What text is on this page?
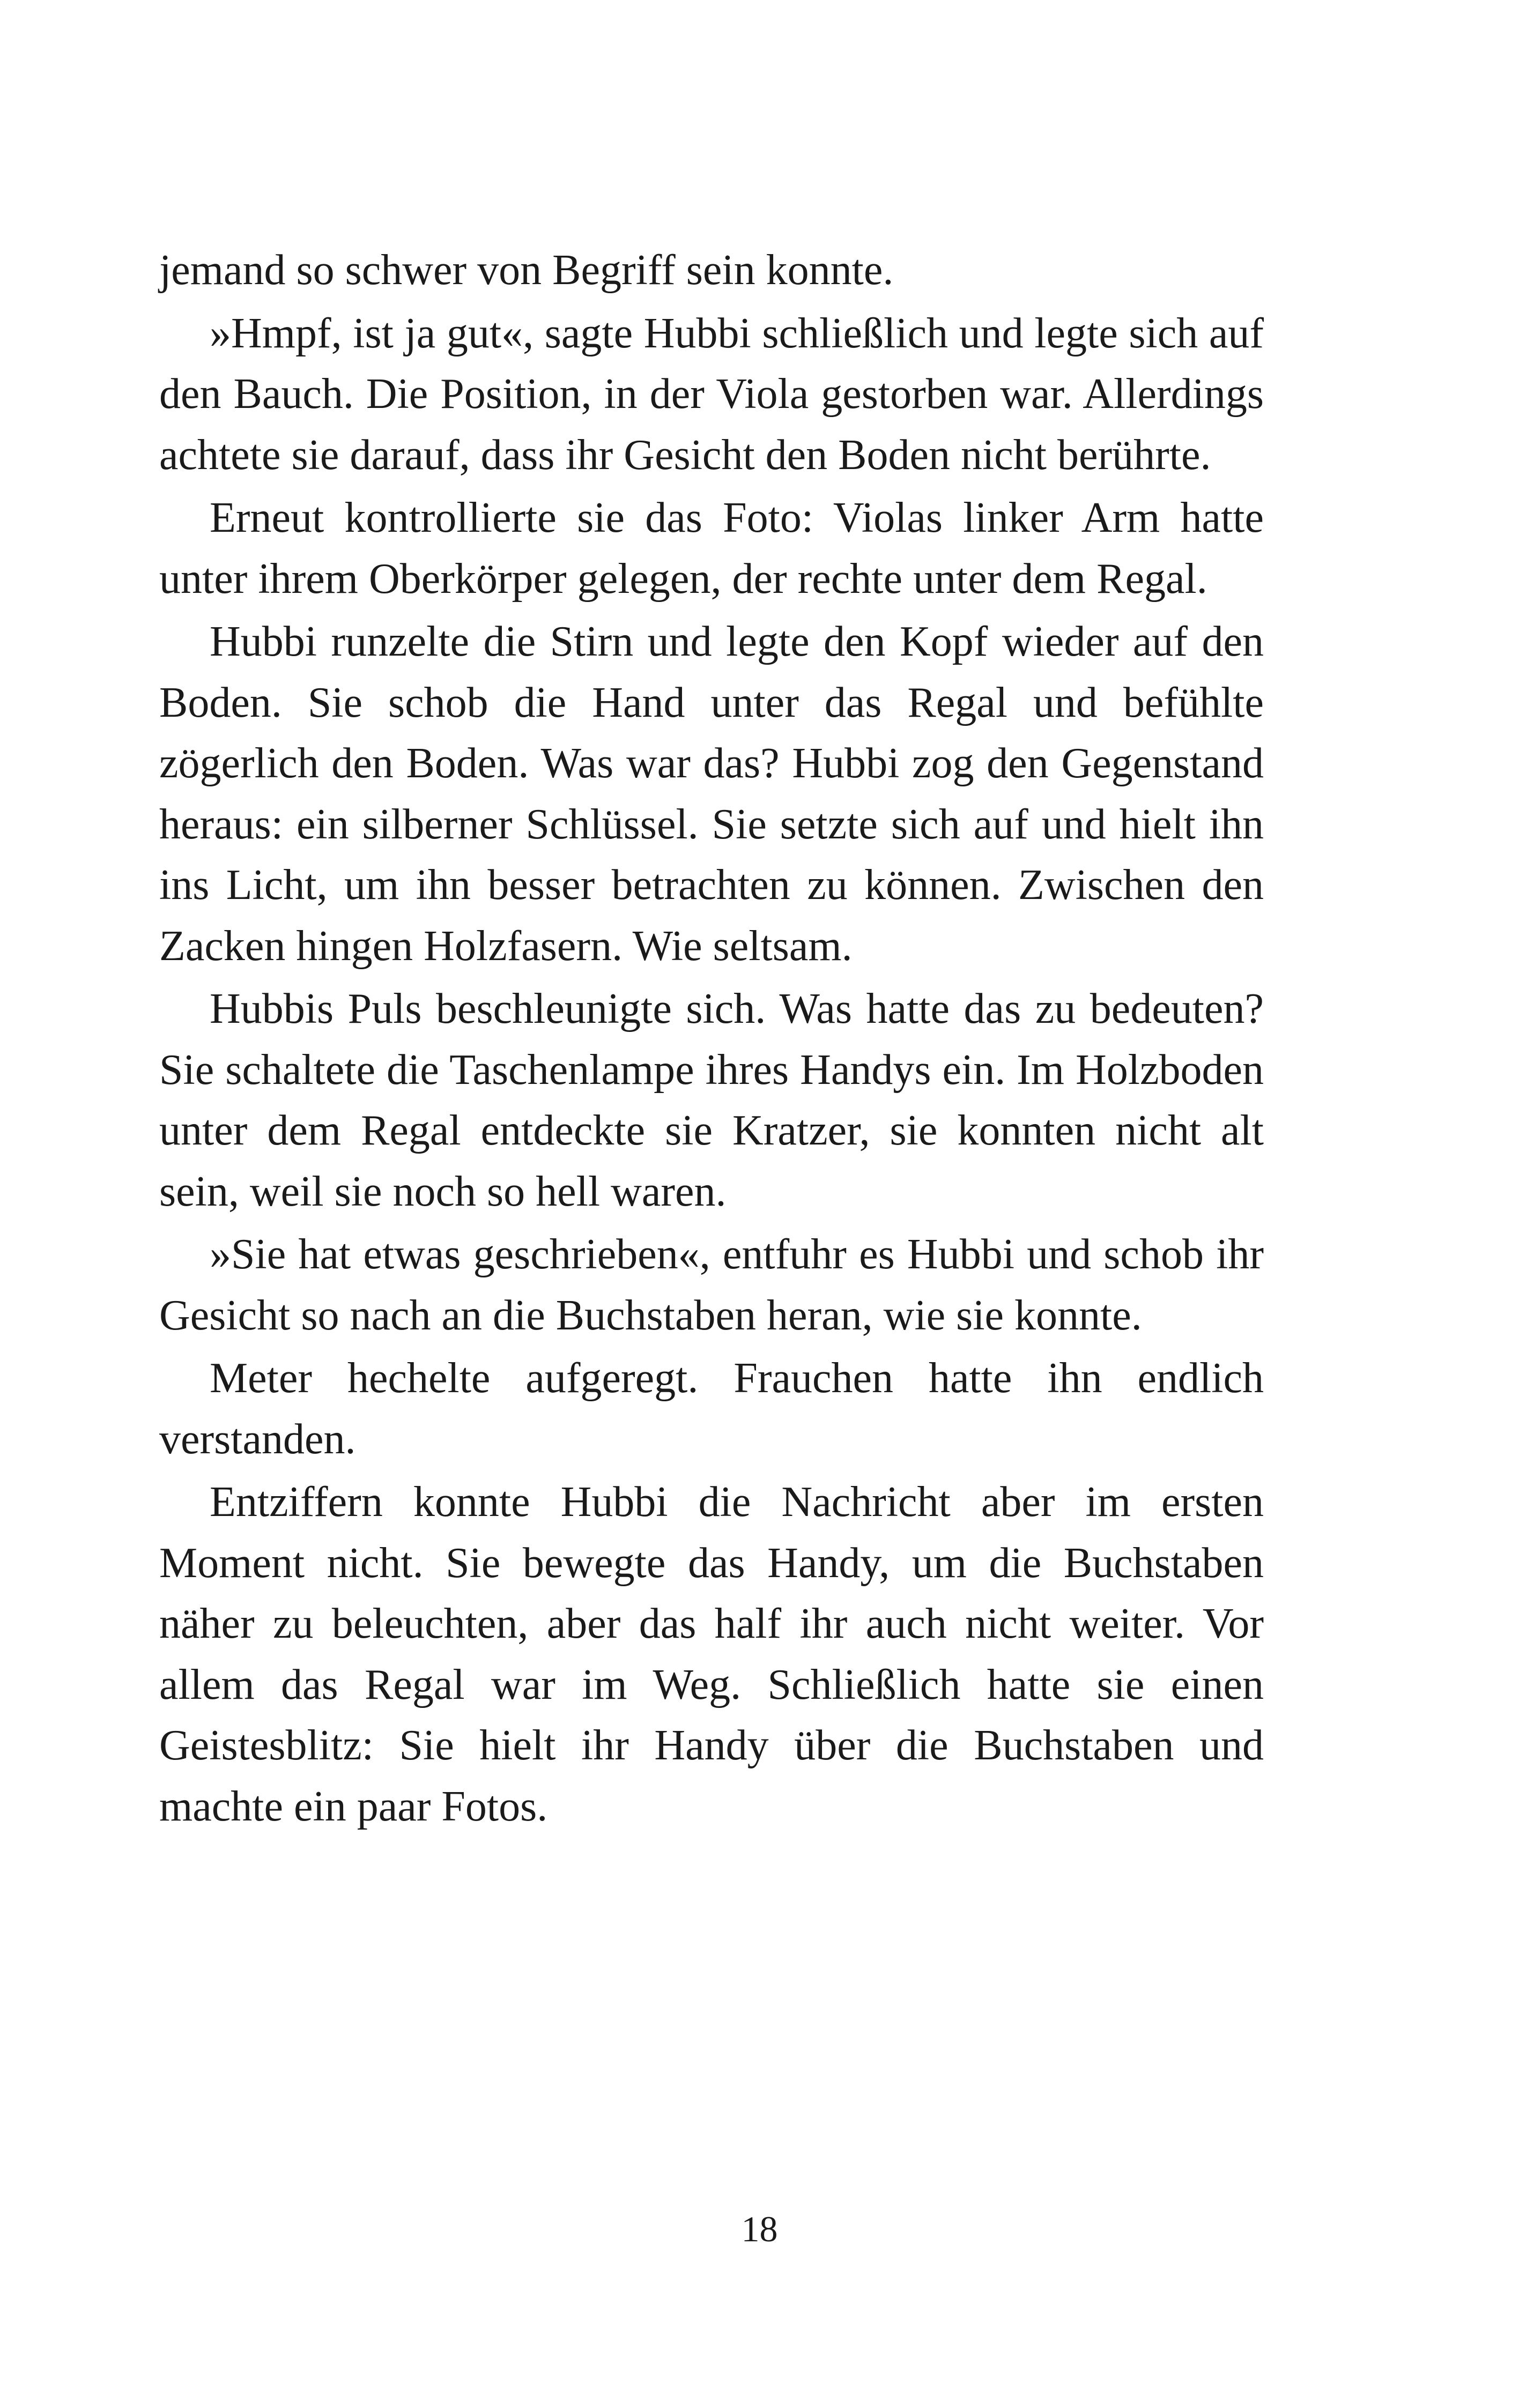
jemand so schwer von Begriff sein konnte.

»Hmpf, ist ja gut«, sagte Hubbi schließlich und legte sich auf den Bauch. Die Position, in der Viola gestorben war. Allerdings achtete sie darauf, dass ihr Gesicht den Boden nicht berührte.

Erneut kontrollierte sie das Foto: Violas linker Arm hatte unter ihrem Oberkörper gelegen, der rechte unter dem Regal.

Hubbi runzelte die Stirn und legte den Kopf wieder auf den Boden. Sie schob die Hand unter das Regal und befühlte zögerlich den Boden. Was war das? Hubbi zog den Gegenstand heraus: ein silberner Schlüssel. Sie setzte sich auf und hielt ihn ins Licht, um ihn besser betrachten zu können. Zwischen den Zacken hingen Holzfasern. Wie seltsam.

Hubbis Puls beschleunigte sich. Was hatte das zu bedeuten? Sie schaltete die Taschenlampe ihres Handys ein. Im Holzboden unter dem Regal entdeckte sie Kratzer, sie konnten nicht alt sein, weil sie noch so hell waren.

»Sie hat etwas geschrieben«, entfuhr es Hubbi und schob ihr Gesicht so nach an die Buchstaben heran, wie sie konnte.

Meter hechelte aufgeregt. Frauchen hatte ihn endlich verstanden.

Entziffern konnte Hubbi die Nachricht aber im ersten Moment nicht. Sie bewegte das Handy, um die Buchstaben näher zu beleuchten, aber das half ihr auch nicht weiter. Vor allem das Regal war im Weg. Schließlich hatte sie einen Geistesblitz: Sie hielt ihr Handy über die Buchstaben und machte ein paar Fotos.

18
